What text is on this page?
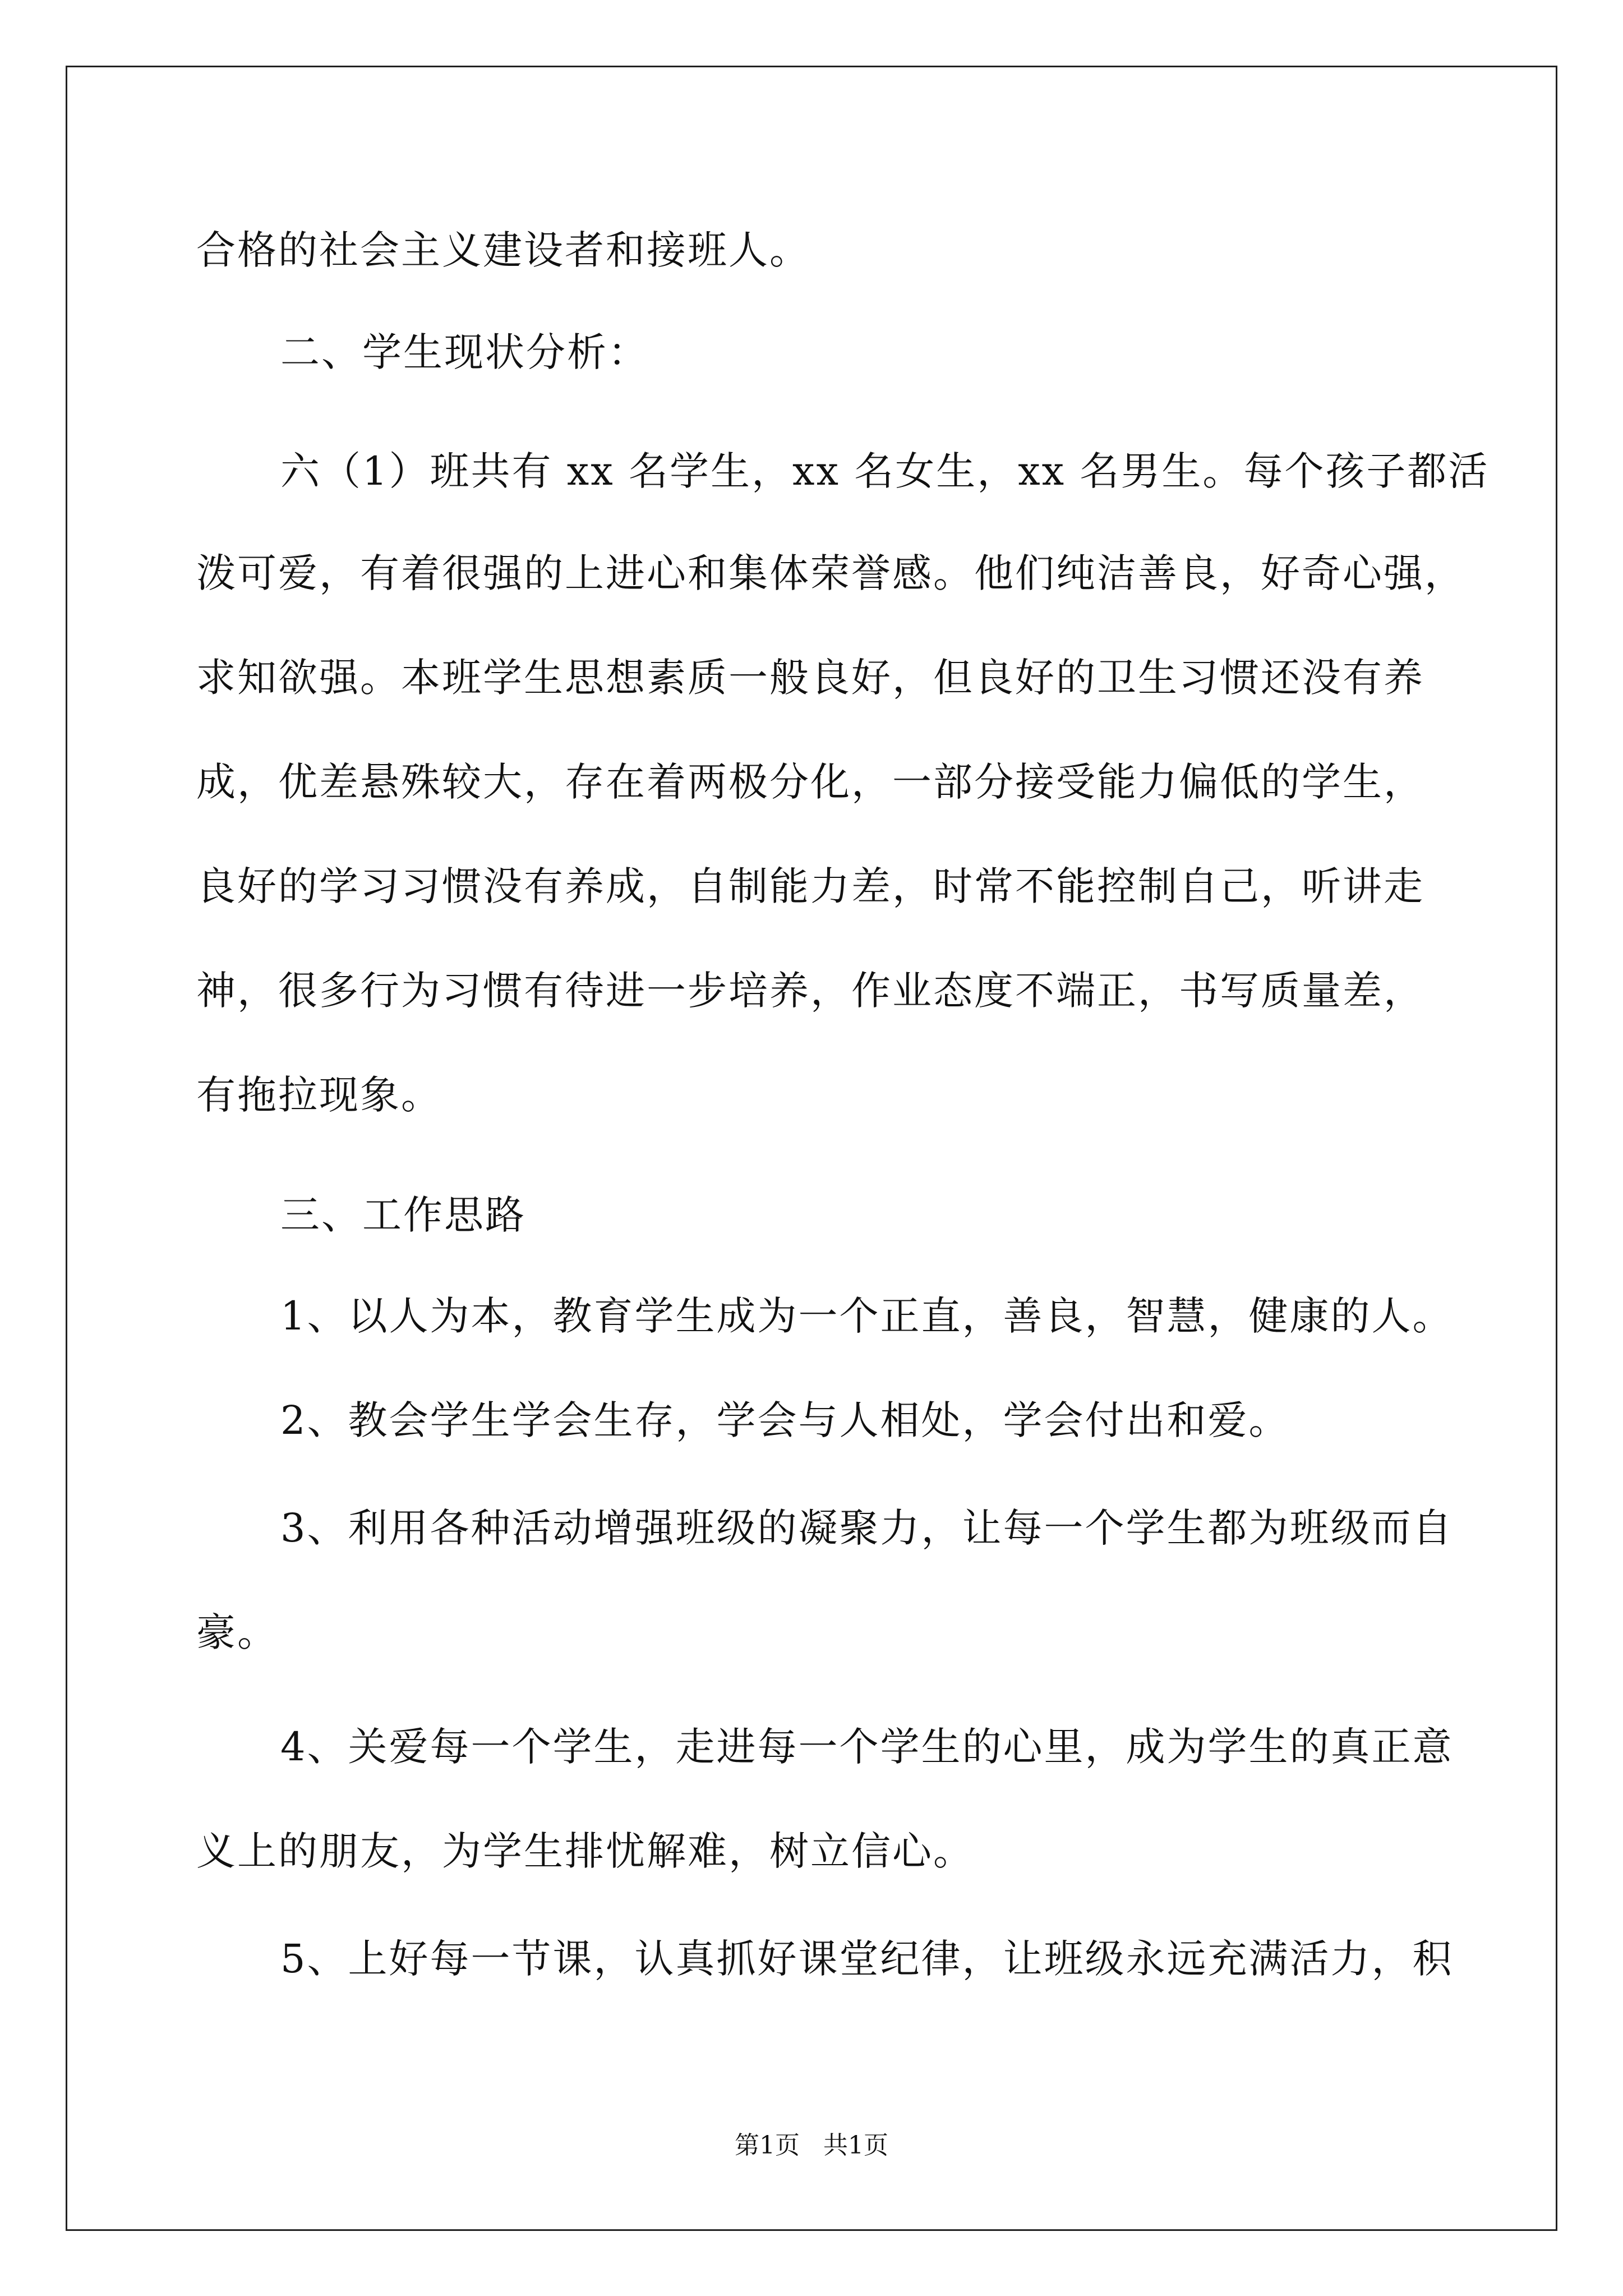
合格的社会主义建设者和接班人。
二、学生现状分析：
六（1）班共有 xx 名学生，xx 名女生，xx 名男生。每个孩子都活
泼可爱，有着很强的上进心和集体荣誉感。他们纯洁善良，好奇心强，
求知欲强。本班学生思想素质一般良好，但良好的卫生习惯还没有养
成，优差悬殊较大，存在着两极分化，一部分接受能力偏低的学生，
良好的学习习惯没有养成，自制能力差，时常不能控制自己，听讲走
神，很多行为习惯有待进一步培养，作业态度不端正，书写质量差，
有拖拉现象。
三、工作思路
1、以人为本，教育学生成为一个正直，善良，智慧，健康的人。
2、教会学生学会生存，学会与人相处，学会付出和爱。
3、利用各种活动增强班级的凝聚力，让每一个学生都为班级而自
豪。
4、关爱每一个学生，走进每一个学生的心里，成为学生的真正意
义上的朋友，为学生排忧解难，树立信心。
5、上好每一节课，认真抓好课堂纪律，让班级永远充满活力，积
第1页   共1页
